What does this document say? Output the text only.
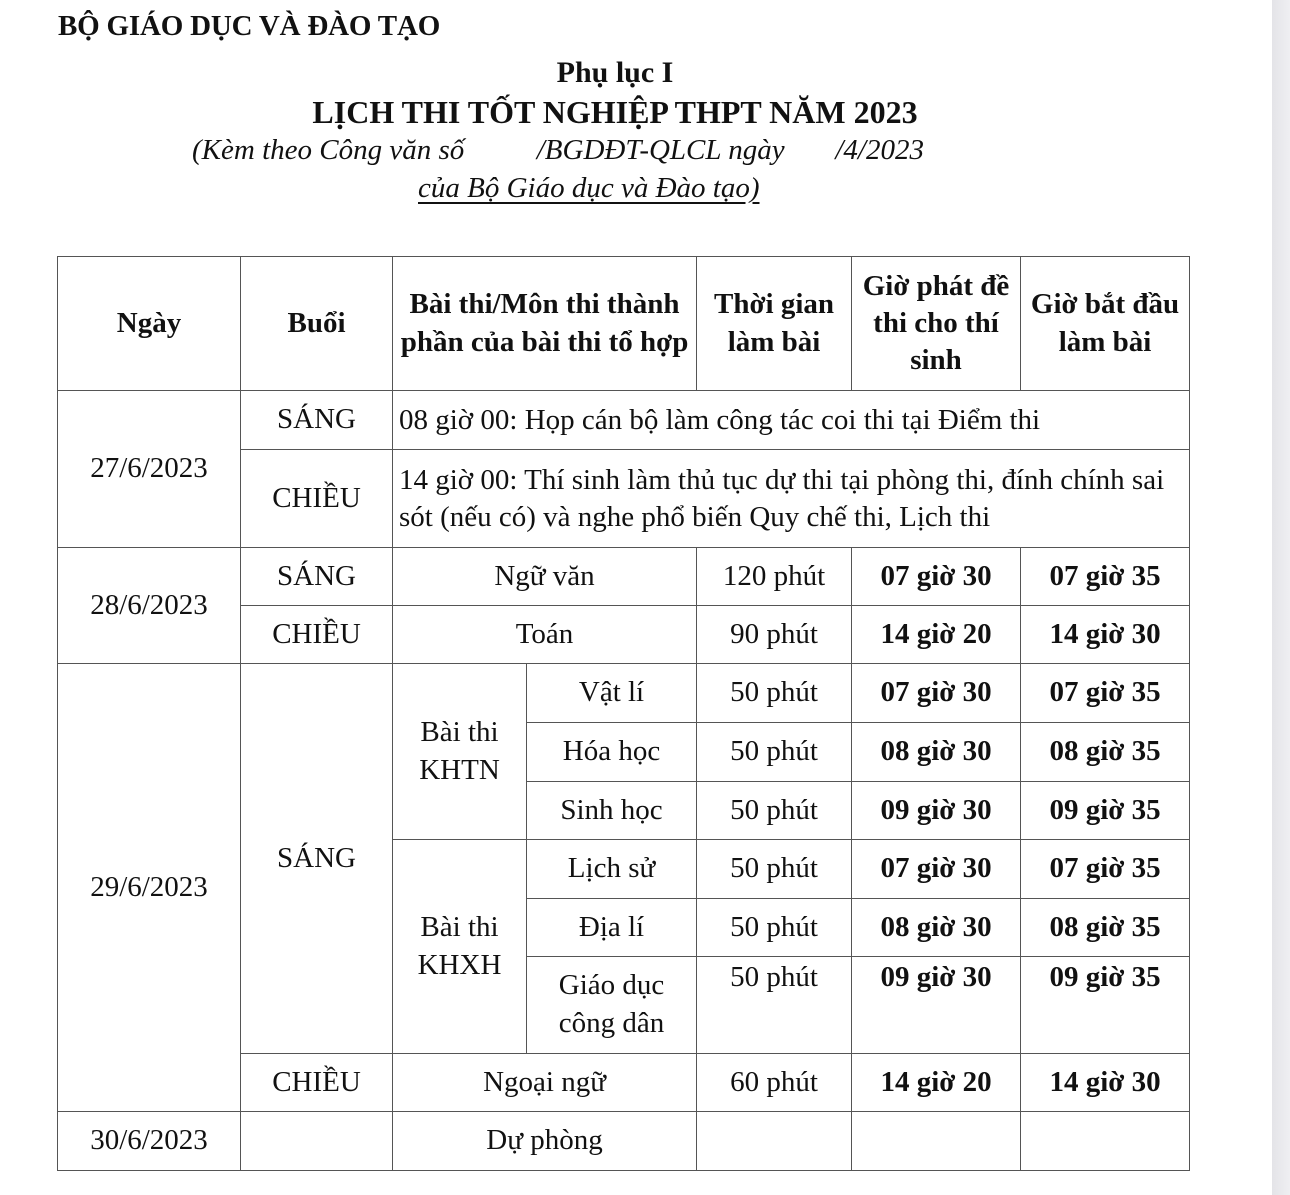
BỘ GIÁO DỤC VÀ ĐÀO TẠO
Phụ lục I
LỊCH THI TỐT NGHIỆP THPT NĂM 2023
(Kèm theo Công văn số          /BGDĐT-QLCL ngày       /4/2023
của Bộ Giáo dục và Đào tạo)
Ngày	Buổi	Bài thi/Môn thi thành phần của bài thi tổ hợp		Thời gian làm bài	Giờ phát đề thi cho thí sinh	Giờ bắt đầu làm bài
27/6/2023	SÁNG	08 giờ 00: Họp cán bộ làm công tác coi thi tại Điểm thi				
	CHIỀU	14 giờ 00: Thí sinh làm thủ tục dự thi tại phòng thi, đính chính sai sót (nếu có) và nghe phổ biến Quy chế thi, Lịch thi				
28/6/2023	SÁNG	Ngữ văn		120 phút	07 giờ 30	07 giờ 35
	CHIỀU	Toán		90 phút	14 giờ 20	14 giờ 30
29/6/2023	SÁNG	Bài thi KHTN	Vật lí	50 phút	07 giờ 30	07 giờ 35
			Hóa học	50 phút	08 giờ 30	08 giờ 35
			Sinh học	50 phút	09 giờ 30	09 giờ 35
		Bài thi KHXH	Lịch sử	50 phút	07 giờ 30	07 giờ 35
			Địa lí	50 phút	08 giờ 30	08 giờ 35
			Giáo dục công dân	50 phút	09 giờ 30	09 giờ 35
	CHIỀU	Ngoại ngữ		60 phút	14 giờ 20	14 giờ 30
30/6/2023		Dự phòng				
